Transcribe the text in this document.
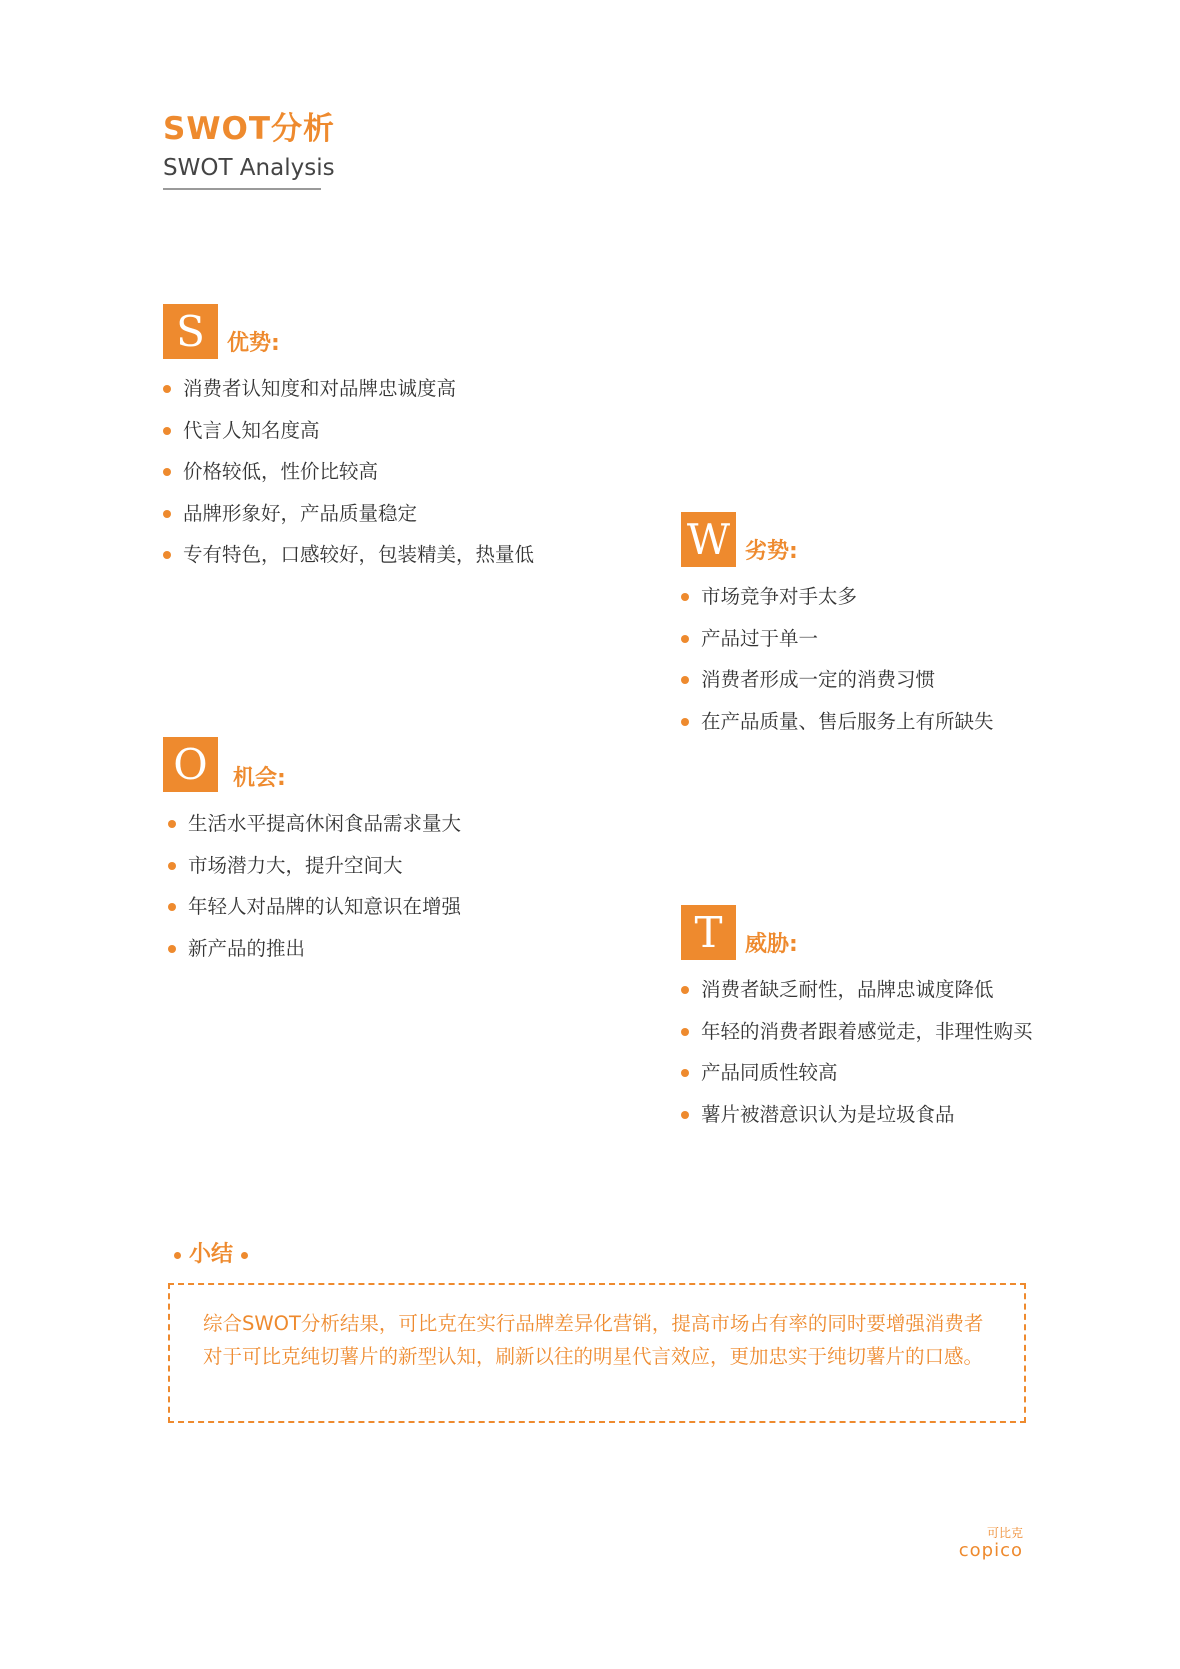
SWOT分析
SWOT Analysis
S	优势:
消费者认知度和对品牌忠诚度高
代言人知名度高
价格较低，性价比较高
品牌形象好，产品质量稳定
专有特色，口感较好，包装精美，热量低	W 劣势:
市场竞争对手太多
产品过于单一
消费者形成一定的消费习惯
在产品质量、售后服务上有所缺失
O	机会:
生活水平提高休闲食品需求量大
市场潜力大，提升空间大
年轻人对品牌的认知意识在增强
新产品的推出	T	威胁:
消费者缺乏耐性，品牌忠诚度降低
年轻的消费者跟着感觉走，非理性购买
产品同质性较高
薯片被潜意识认为是垃圾食品
小结

综合SWOT分析结果，可比克在实行品牌差异化营销，提高市场占有率的同时要增强消费者对于可比克纯切薯片的新型认知，刷新以往的明星代言效应，更加忠实于纯切薯片的口感。

可比克
copico
